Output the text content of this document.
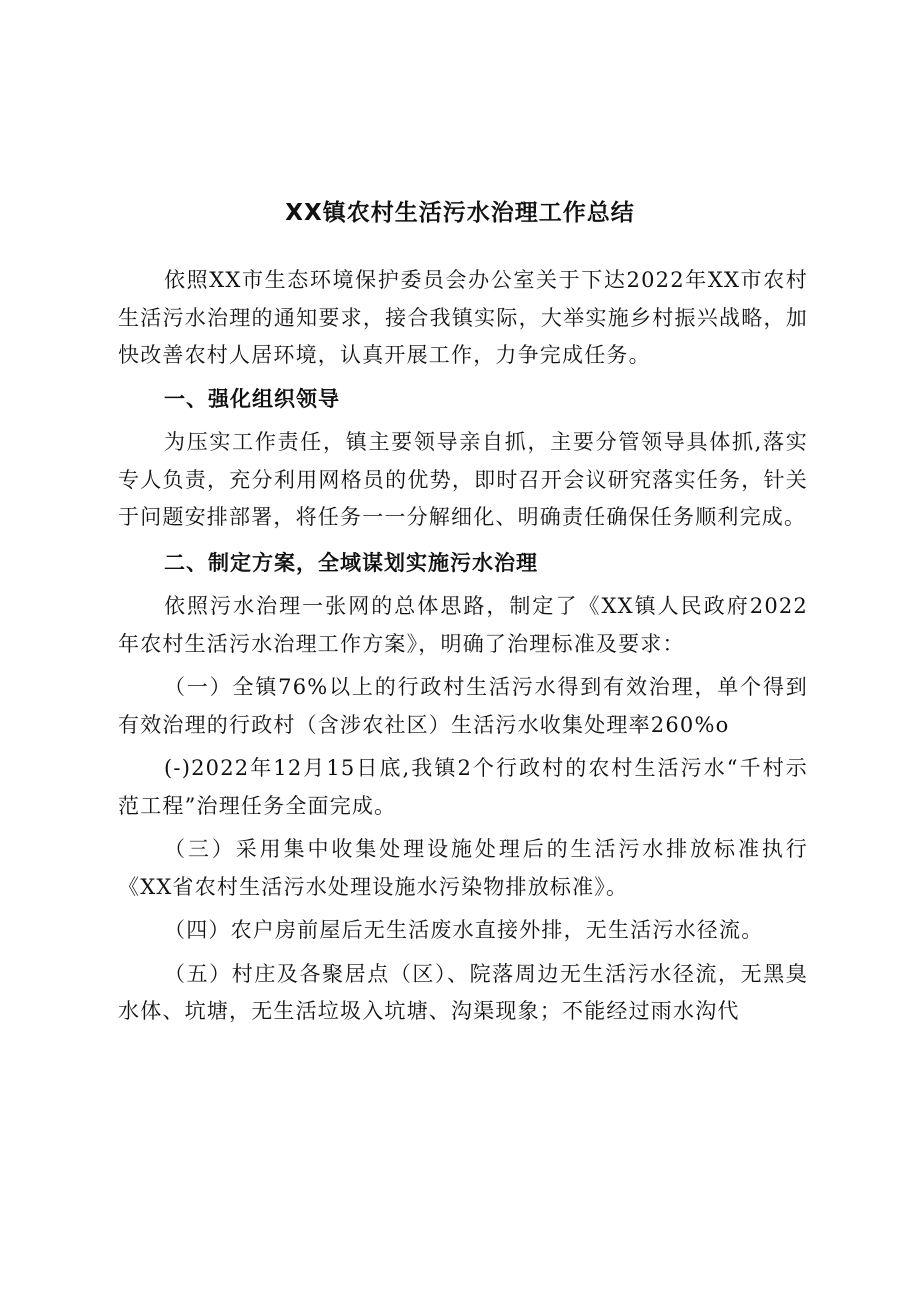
XX镇农村生活污水治理工作总结

依照XX市生态环境保护委员会办公室关于下达2022年XX市农村生活污水治理的通知要求，接合我镇实际，大举实施乡村振兴战略，加快改善农村人居环境，认真开展工作，力争完成任务。

一、强化组织领导

为压实工作责任，镇主要领导亲自抓，主要分管领导具体抓,落实专人负责，充分利用网格员的优势，即时召开会议研究落实任务，针关于问题安排部署，将任务一一分解细化、明确责任确保任务顺利完成。

二、制定方案，全域谋划实施污水治理

依照污水治理一张网的总体思路，制定了《XX镇人民政府2022年农村生活污水治理工作方案》，明确了治理标准及要求：

（一）全镇76%以上的行政村生活污水得到有效治理，单个得到有效治理的行政村（含涉农社区）生活污水收集处理率260%o

(-)2022年12月15日底,我镇2个行政村的农村生活污水“千村示范工程”治理任务全面完成。

（三）采用集中收集处理设施处理后的生活污水排放标准执行《XX省农村生活污水处理设施水污染物排放标准》。

（四）农户房前屋后无生活废水直接外排，无生活污水径流。

（五）村庄及各聚居点（区）、院落周边无生活污水径流，无黑臭水体、坑塘，无生活垃圾入坑塘、沟渠现象；不能经过雨水沟代
